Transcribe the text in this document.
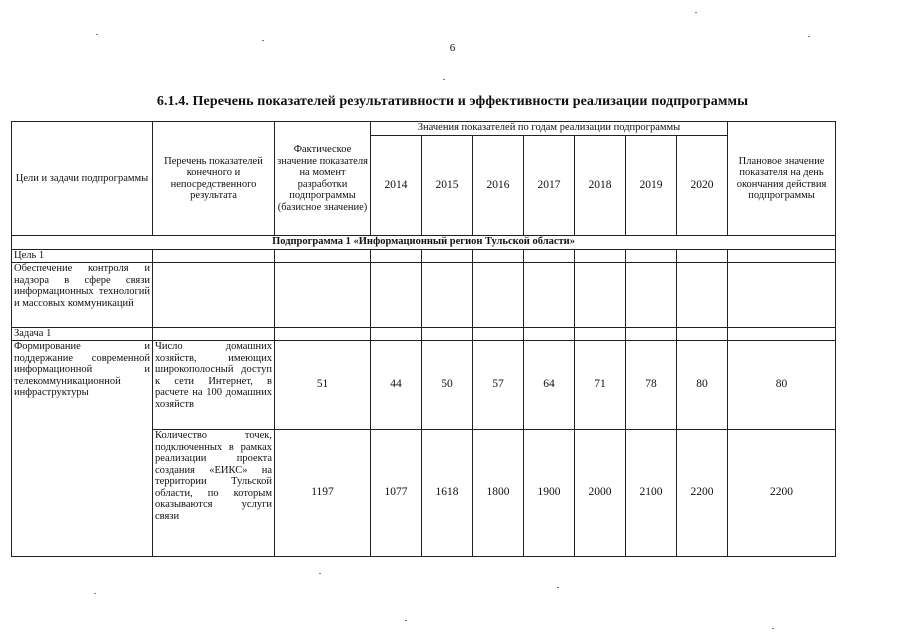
6
6.1.4. Перечень показателей результативности и эффективности реализации подпрограммы
Цели и задачи подпрограммы	Перечень показателей конечного и непосредственного результата	Фактическое значение показателя на момент разработки подпрограммы (базисное значение)	Значения показателей по годам реализации подпрограммы							Плановое значение показателя на день окончания действия подпрограммы
			2014	2015	2016	2017	2018	2019	2020	
Подпрограмма 1 «Информационный регион Тульской области»										
Цель 1										
Обеспечение контроля и надзора в сфере связи информационных технологий и массовых коммуникаций										
Задача 1										
Формирование и поддержание современной информационной и телекоммуникационной инфраструктуры	Число домашних хозяйств, имеющих широкополосный доступ к сети Интернет, в расчете на 100 домашних хозяйств	51	44	50	57	64	71	78	80	80
	Количество точек, подключенных в рамках реализации проекта создания «ЕИКС» на территории Тульской области, по которым оказываются услуги связи	1197	1077	1618	1800	1900	2000	2100	2200	2200
